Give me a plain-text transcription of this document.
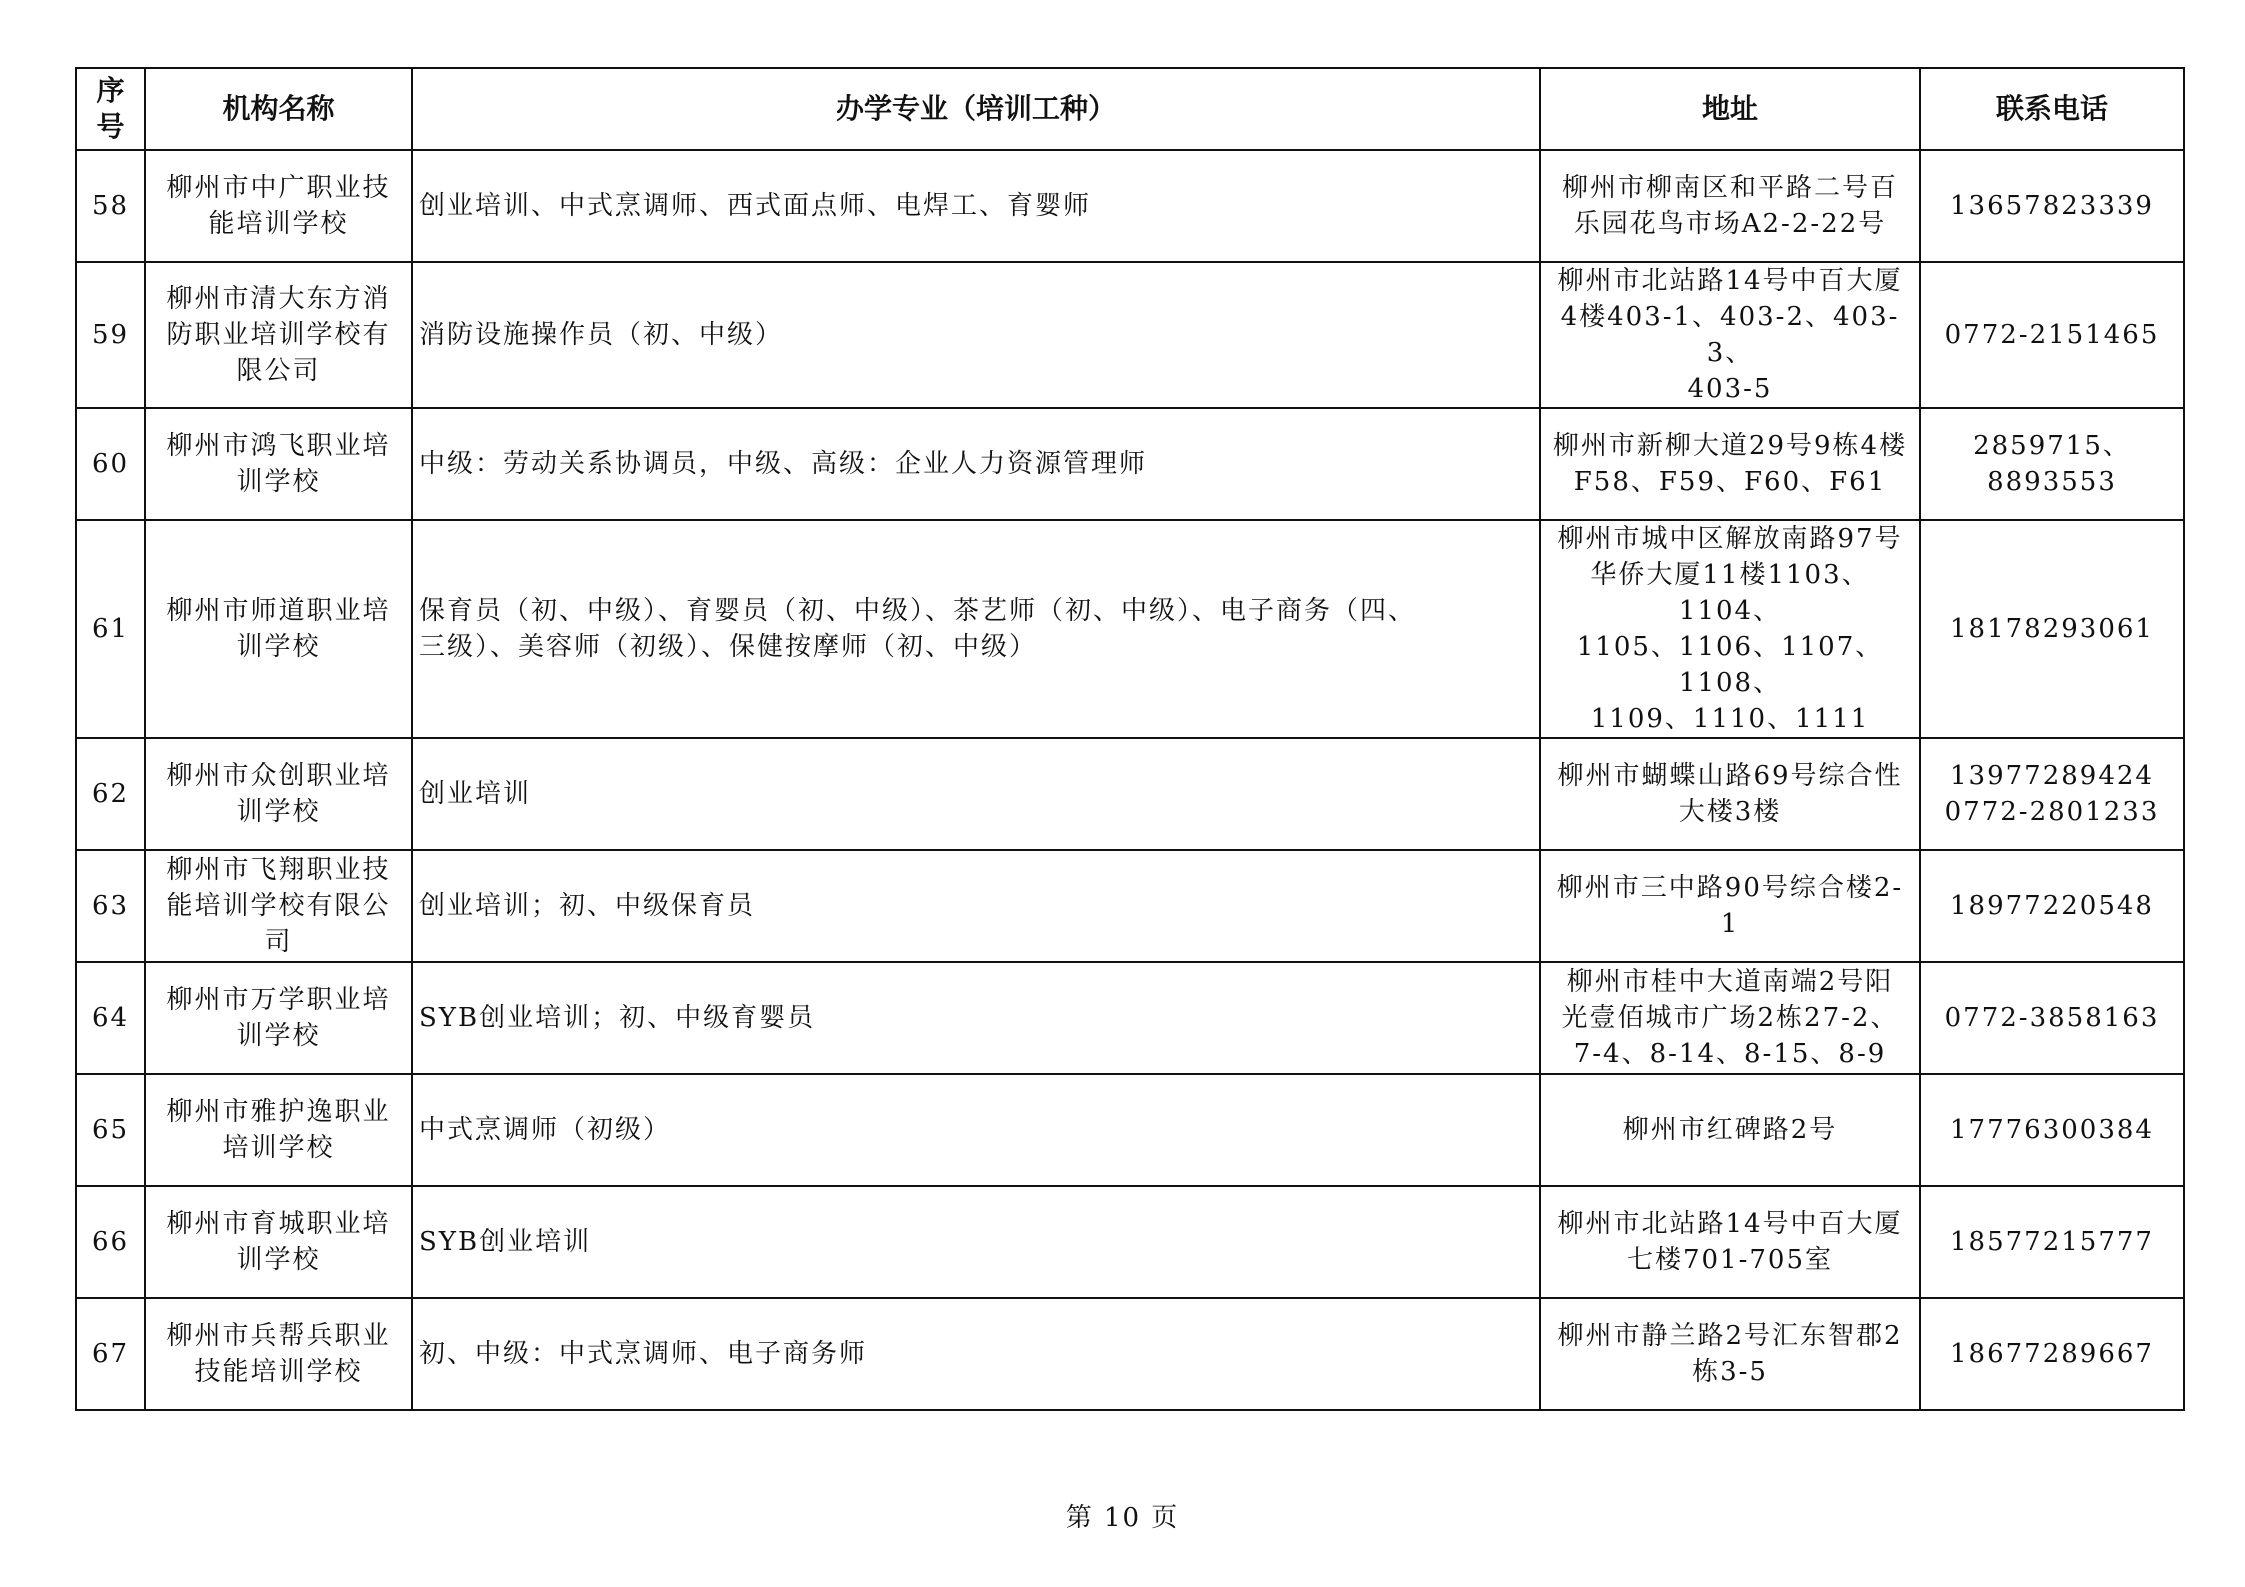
序号	机构名称	办学专业（培训工种）	地址	联系电话
58	柳州市中广职业技
能培训学校	创业培训、中式烹调师、西式面点师、电焊工、育婴师	柳州市柳南区和平路二号百
乐园花鸟市场A2-2-22号	13657823339

59	柳州市清大东方消
防职业培训学校有
限公司	消防设施操作员（初、中级）	柳州市北站路14号中百大厦
4楼403-1、403-2、403-3、
403-5	0772-2151465

60	柳州市鸿飞职业培
训学校	中级：劳动关系协调员，中级、高级：企业人力资源管理师	柳州市新柳大道29号9栋4楼
F58、F59、F60、F61	2859715、8893553

61	柳州市师道职业培
训学校	保育员（初、中级）、育婴员（初、中级）、茶艺师（初、中级）、电子商务（四、
三级）、美容师（初级）、保健按摩师（初、中级）	柳州市城中区解放南路97号
华侨大厦11楼1103、1104、
1105、1106、1107、1108、
1109、1110、1111	18178293061

62	柳州市众创职业培
训学校	创业培训	柳州市蝴蝶山路69号综合性
大楼3楼	13977289424
0772-2801233

63	柳州市飞翔职业技
能培训学校有限公
司	创业培训；初、中级保育员	柳州市三中路90号综合楼2-
1	18977220548

64	柳州市万学职业培
训学校	SYB创业培训；初、中级育婴员	柳州市桂中大道南端2号阳
光壹佰城市广场2栋27-2、
7-4、8-14、8-15、8-9	0772-3858163

65	柳州市雅护逸职业
培训学校	中式烹调师（初级）	柳州市红碑路2号	17776300384

66	柳州市育城职业培
训学校	SYB创业培训	柳州市北站路14号中百大厦
七楼701-705室	18577215777

67	柳州市兵帮兵职业
技能培训学校	初、中级：中式烹调师、电子商务师	柳州市静兰路2号汇东智郡2
栋3-5	18677289667
第 10 页
